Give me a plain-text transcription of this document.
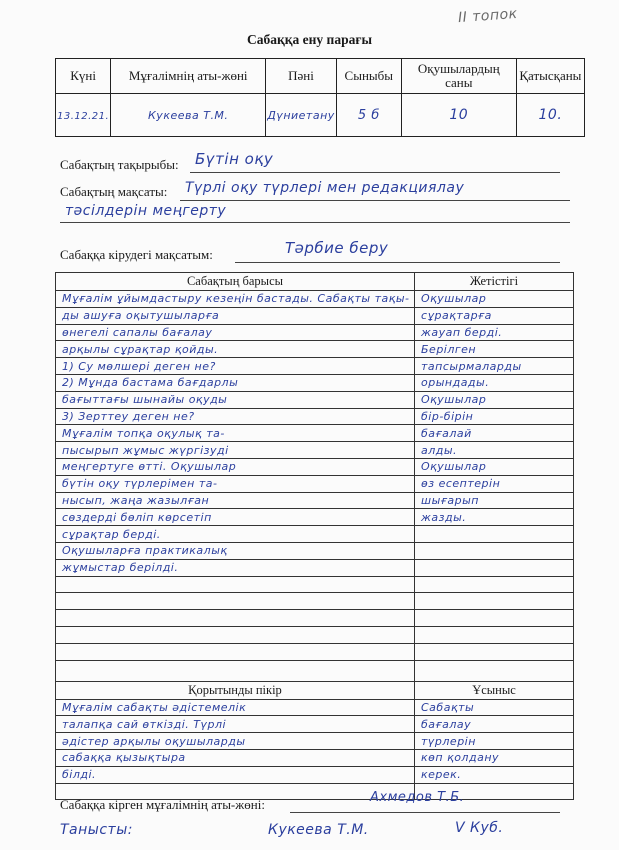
II топок
Сабаққа ену парағы
Күні	Мұғалімнің аты-жөні	Пәні	Сыныбы	Оқушылардың саны	Қатысқаны
13.12.21.	Кукеева Т.М.	Дүниетану	5 б	10	10.
Сабақтың тақырыбы: Бүтін оқу
Сабақтың мақсаты: Түрлі оқу түрлері мен редакциялау
тәсілдерін меңгерту
Сабаққа кірудегі мақсатым:	Тәрбие беру
Сабақтың барысы	Жетістігі
Мұғалім ұйымдастыру кезеңін бастады. Сабақты тақы-	Оқушылар
ды ашуға оқытушыларға	сұрақтарға
өнегелі сапалы бағалау	жауап берді.
арқылы сұрақтар қойды.	Берілген
1) Су мөлшері деген не?	тапсырмаларды
2) Мұнда бастама бағдарлы	орындады.
бағыттағы шынайы оқуды	Оқушылар
3) Зерттеу деген не?	бір-бірін
Мұғалім топқа оқулық та-	бағалай
пысырып жұмыс жүргізуді	алды.
меңгертуге өтті. Оқушылар	Оқушылар
бүтін оқу түрлерімен та-	өз есептерін
нысып, жаңа жазылған	шығарып
сөздерді бөліп көрсетіп	жазды.
сұрақтар берді.	
Оқушыларға практикалық	
жұмыстар берілді.	

Қорытынды пікір	Ұсыныс
Мұғалім сабақты әдістемелік	Сабақты
талапқа сай өткізді. Түрлі	бағалау
әдістер арқылы оқушыларды	түрлерін
сабаққа қызықтыра	көп қолдану
білді.	керек.

Сабаққа кірген мұғалімнің аты-жөні:	Ахмедов Т.Б.
Танысты:	Кукеева Т.М.	V Куб.
